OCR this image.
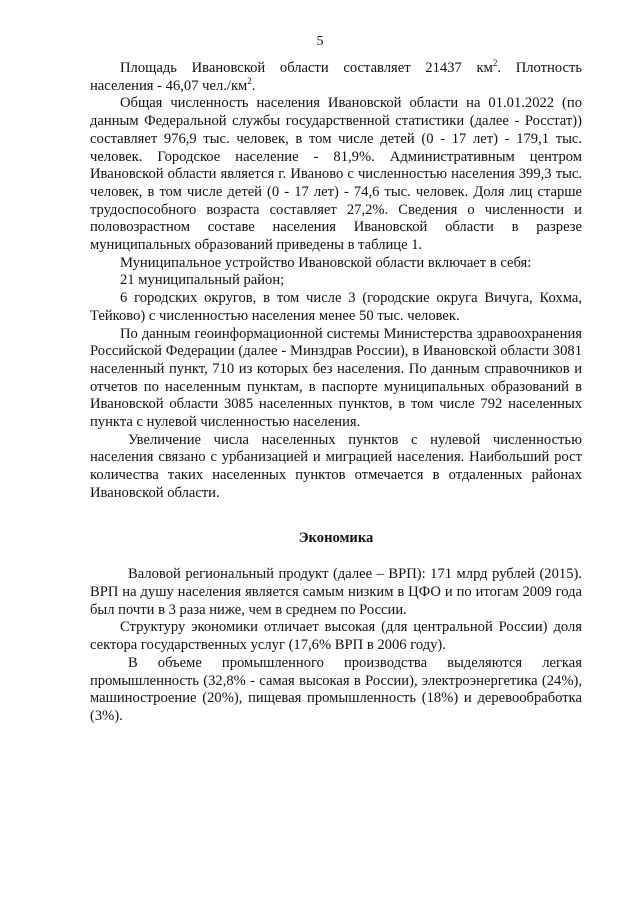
5

Площадь Ивановской области составляет 21437 $км^2$. Плотность населения - 46,07 $чел./км^2$.

Общая численность населения Ивановской области на 01.01.2022 (по данным Федеральной службы государственной статистики (далее - Росстат)) составляет 976,9 тыс. человек, в том числе детей (0 - 17 лет) - 179,1 тыс. человек. Городское население - 81,9%. Административным центром Ивановской области является г. Иваново с численностью населения 399,3 тыс. человек, в том числе детей (0 - 17 лет) - 74,6 тыс. человек. Доля лиц старше трудоспособного возраста составляет 27,2%. Сведения о численности и половозрастном составе населения Ивановской области в разрезе муниципальных образований приведены в таблице 1.

Муниципальное устройство Ивановской области включает в себя:

21 муниципальный район;

6 городских округов, в том числе 3 (городские округа Вичуга, Кохма, Тейково) с численностью населения менее 50 тыс. человек.

По данным геоинформационной системы Министерства здравоохранения Российской Федерации (далее - Минздрав России), в Ивановской области 3081 населенный пункт, 710 из которых без населения. По данным справочников и отчетов по населенным пунктам, в паспорте муниципальных образований в Ивановской области 3085 населенных пунктов, в том числе 792 населенных пункта с нулевой численностью населения.

Увеличение числа населенных пунктов с нулевой численностью населения связано с урбанизацией и миграцией населения. Наибольший рост количества таких населенных пунктов отмечается в отдаленных районах Ивановской области.

Экономика

Валовой региональный продукт (далее – ВРП): 171 млрд рублей (2015). ВРП на душу населения является самым низким в ЦФО и по итогам 2009 года был почти в 3 раза ниже, чем в среднем по России.

Структуру экономики отличает высокая (для центральной России) доля сектора государственных услуг (17,6% ВРП в 2006 году).

В объеме промышленного производства выделяются легкая промышленность (32,8% - самая высокая в России), электроэнергетика (24%), машиностроение (20%), пищевая промышленность (18%) и деревообработка (3%).
